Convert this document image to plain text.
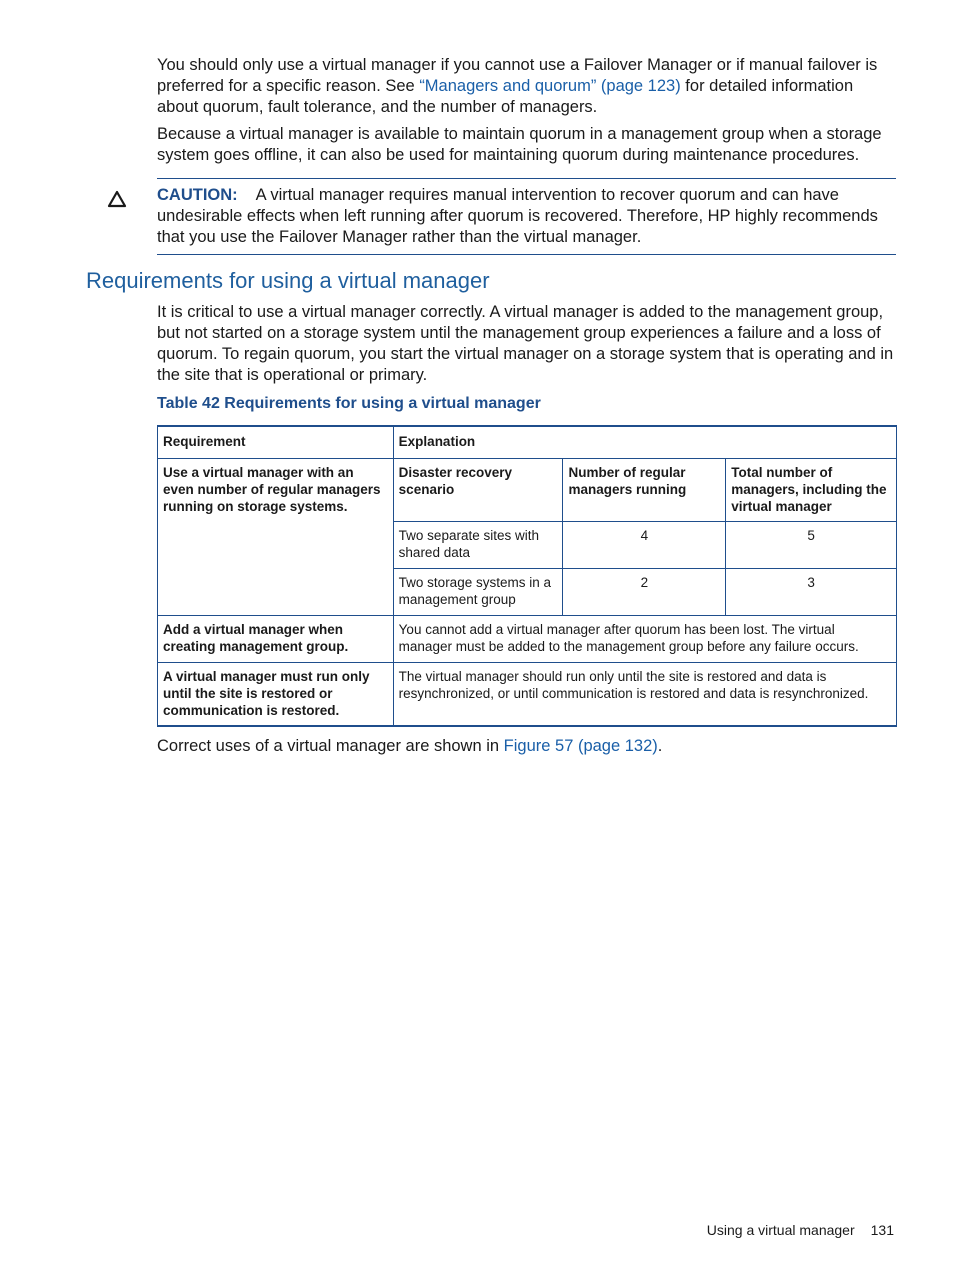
You should only use a virtual manager if you cannot use a Failover Manager or if manual failover is preferred for a specific reason. See “Managers and quorum” (page 123) for detailed information about quorum, fault tolerance, and the number of managers.

Because a virtual manager is available to maintain quorum in a management group when a storage system goes offline, it can also be used for maintaining quorum during maintenance procedures.

CAUTION: A virtual manager requires manual intervention to recover quorum and can have undesirable effects when left running after quorum is recovered. Therefore, HP highly recommends that you use the Failover Manager rather than the virtual manager.
Requirements for using a virtual manager

It is critical to use a virtual manager correctly. A virtual manager is added to the management group, but not started on a storage system until the management group experiences a failure and a loss of quorum. To regain quorum, you start the virtual manager on a storage system that is operating and in the site that is operational or primary.

Table 42 Requirements for using a virtual manager

Requirement	Explanation		
Use a virtual manager with an even number of regular managers running on storage systems.	Disaster recovery scenario	Number of regular managers running	Total number of managers, including the virtual manager
	Two separate sites with shared data	4	5
	Two storage systems in a management group	2	3
Add a virtual manager when creating management group.	You cannot add a virtual manager after quorum has been lost. The virtual manager must be added to the management group before any failure occurs.		
A virtual manager must run only until the site is restored or communication is restored.	The virtual manager should run only until the site is restored and data is resynchronized, or until communication is restored and data is resynchronized.		

Correct uses of a virtual manager are shown in Figure 57 (page 132).

Using a virtual manager 131
